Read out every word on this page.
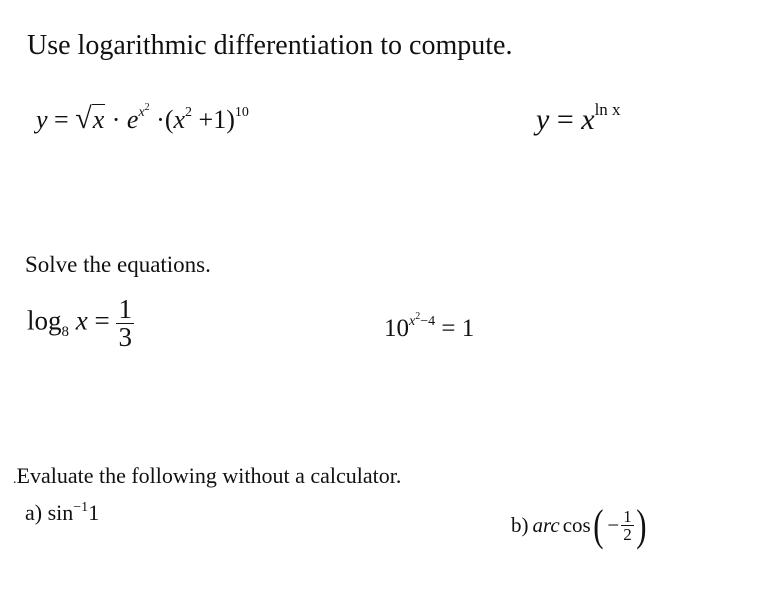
Use logarithmic differentiation to compute.
$y = √x \cdot e^{x2} \cdot(x^2 +1)^{10}$	$y = x^{ln x}$
Solve the equations.
$\log_8 x = \frac{1}{3}$	$10^{x2-4} = 1$
.Evaluate the following without a calculator.
a) $\sin^{-1}1$	b) arc cos ( − $\frac{1}{2}$ )
